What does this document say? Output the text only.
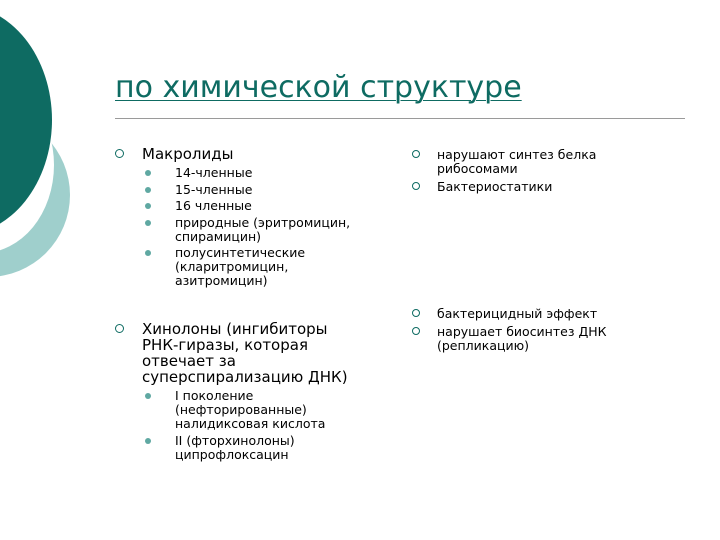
по химической структуре
Макролиды
14-членные
15-членные
16 членные
природные (эритромицин,
спирамицин)
полусинтетические
(кларитромицин,
азитромицин)
Хинолоны (ингибиторы
РНК-гиразы, которая
отвечает за
суперспирализацию ДНК)
I поколение
(нефторированные)
налидиксовая кислота
II (фторхинолоны)
ципрофлоксацин
нарушают синтез белка
рибосомами
Бактериостатики
бактерицидный эффект
нарушает биосинтез ДНК
(репликацию)
